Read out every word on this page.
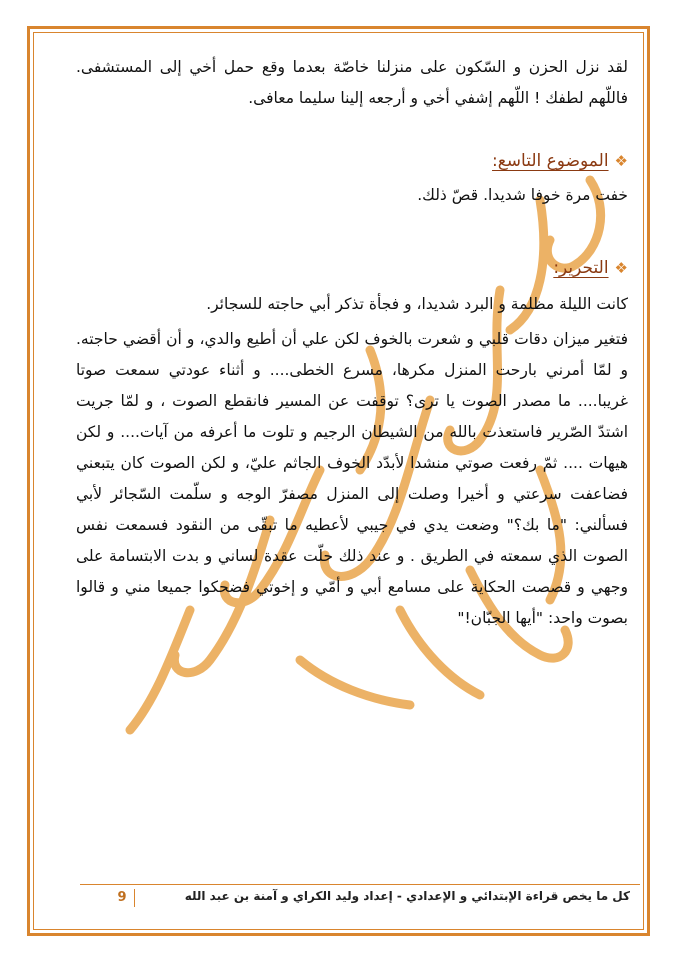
لقد نزل الحزن و السّكون على منزلنا خاصّة بعدما وقع حمل أخي إلى المستشفى. فاللّهم لطفك ! اللّهم إشفي أخي و أرجعه إلينا سليما معافى.

❖
الموضوع التاسع:

خفت مرة خوفا شديدا. قصّ ذلك.

❖
التحرير:

كانت الليلة مظلمة و البرد شديدا، و فجأة تذكر أبي حاجته للسجائر.

فتغير ميزان دقات قلبي و شعرت بالخوف لكن علي أن أطيع والدي، و أن أقضي حاجته. و لمّا أمرني بارحت المنزل مكرها، مسرع الخطى.... و أثناء عودتي سمعت صوتا غريبا.... ما مصدر الصوت يا ترى؟ توقفت عن المسير فانقطع الصوت ، و لمّا جريت اشتدّ الصّرير فاستعذت بالله من الشيطان الرجيم و تلوت ما أعرفه من آيات.... و لكن هيهات .... ثمّ رفعت صوتي منشدا لأبدّد الخوف الجاثم عليّ، و لكن الصوت كان يتبعني فضاعفت سرعتي و أخيرا وصلت إلى المنزل مصفرّ الوجه و سلّمت السّجائر لأبي فسألني: "ما بك؟" وضعت يدي في جيبي لأعطيه ما تبقّى من النقود فسمعت نفس الصوت الذي سمعته في الطريق . و عند ذلك حلّت عقدة لساني و بدت الابتسامة على وجهي و قصصت الحكاية على مسامع أبي و أمّي و إخوتي فضحكوا جميعا مني و قالوا بصوت واحد: "أيها الجبّان!"

كل ما يخص قراءة الإبتدائي و الإعدادي - إعداد وليد الكراي و آمنة بن عبد الله
9
